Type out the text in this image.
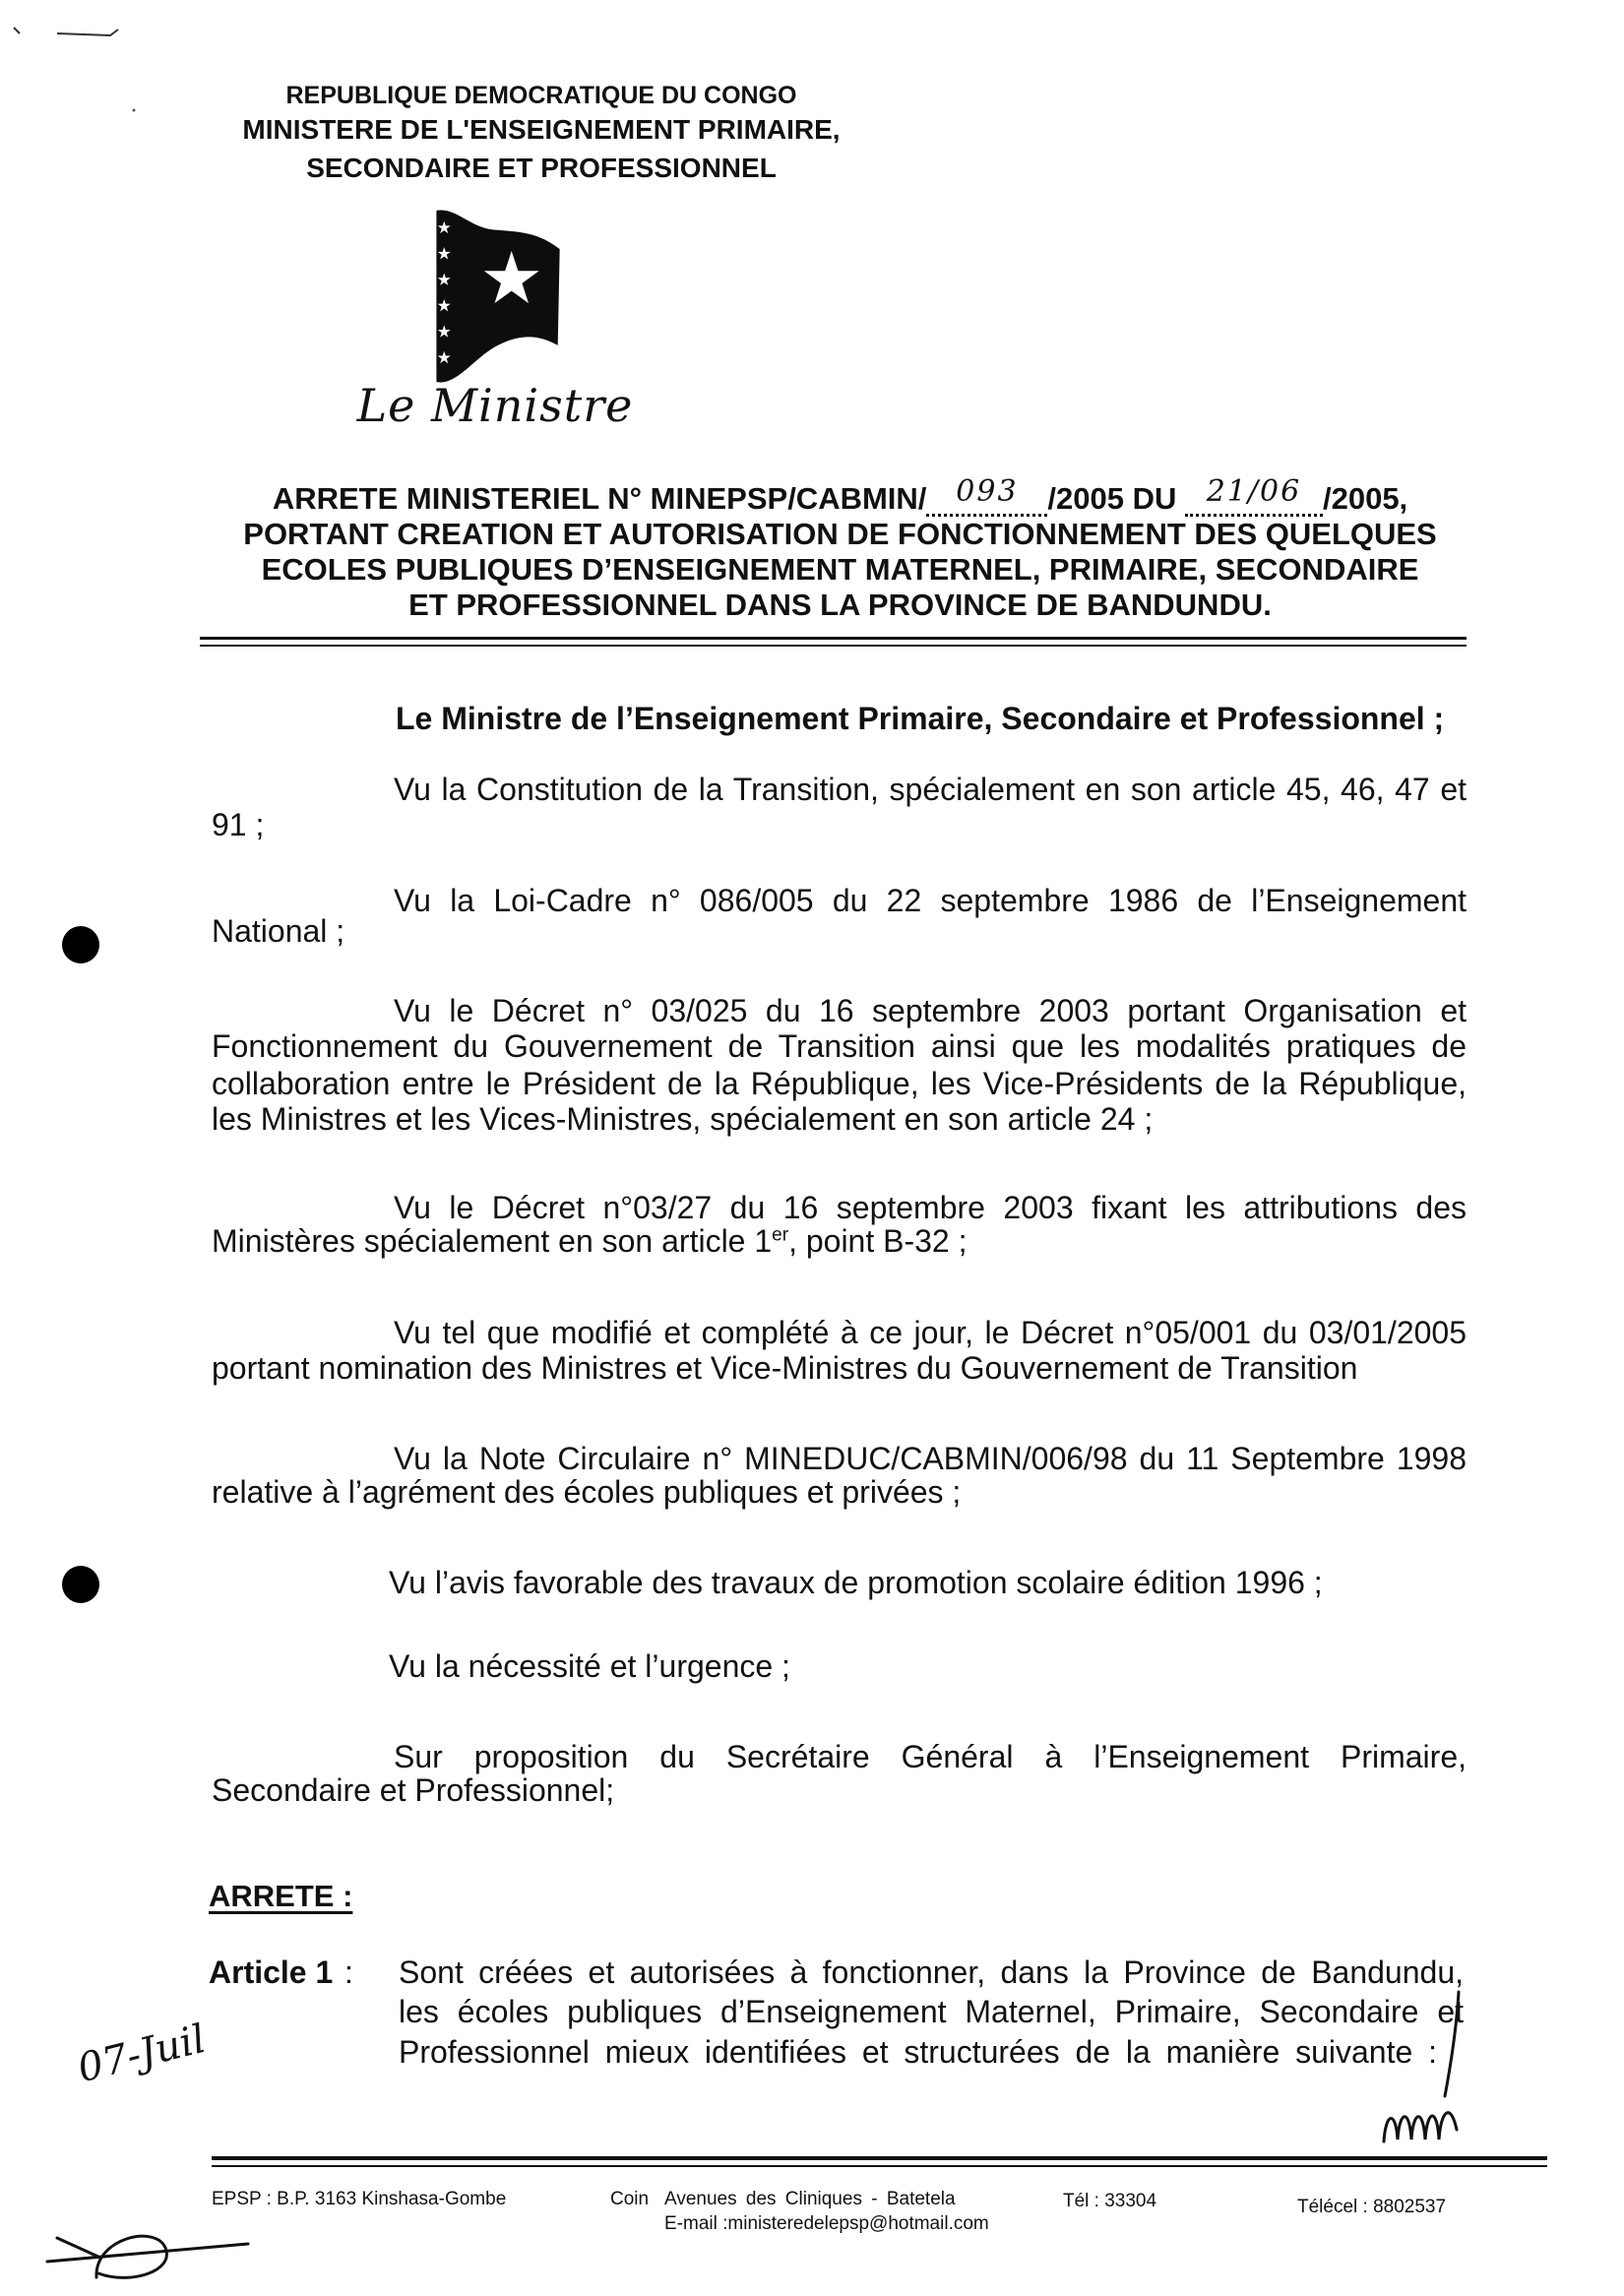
REPUBLIQUE DEMOCRATIQUE DU CONGO
MINISTERE DE L'ENSEIGNEMENT PRIMAIRE,
SECONDAIRE ET PROFESSIONNEL
Le Ministre
ARRETE MINISTERIEL N° MINEPSP/CABMIN/ 093 /2005 DU 21/06 /2005,
PORTANT CREATION ET AUTORISATION DE FONCTIONNEMENT DES QUELQUES
ECOLES PUBLIQUES D’ENSEIGNEMENT MATERNEL, PRIMAIRE, SECONDAIRE
ET PROFESSIONNEL DANS LA PROVINCE DE BANDUNDU.
Le Ministre de l’Enseignement Primaire, Secondaire et Professionnel ;
Vu la Constitution de la Transition, spécialement en son article 45, 46, 47 et
91 ;
Vu la Loi-Cadre n° 086/005 du 22 septembre 1986 de l’Enseignement
National ;
Vu le Décret n° 03/025 du 16 septembre 2003 portant Organisation et
Fonctionnement du Gouvernement de Transition ainsi que les modalités pratiques de
collaboration entre le Président de la République, les Vice-Présidents de la République,
les Ministres et les Vices-Ministres, spécialement en son article 24 ;
Vu le Décret n°03/27 du 16 septembre 2003 fixant les attributions des
Ministères spécialement en son article 1er, point B-32 ;
Vu tel que modifié et complété à ce jour, le Décret n°05/001 du 03/01/2005
portant nomination des Ministres et Vice-Ministres du Gouvernement de Transition
Vu la Note Circulaire n° MINEDUC/CABMIN/006/98 du 11 Septembre 1998
relative à l’agrément des écoles publiques et privées ;
Vu l’avis favorable des travaux de promotion scolaire édition 1996 ;
Vu la nécessité et l’urgence ;
Sur proposition du Secrétaire Général à l’Enseignement Primaire,
Secondaire et Professionnel;
ARRETE :
Article 1 : Sont créées et autorisées à fonctionner, dans la Province de Bandundu,
les écoles publiques d’Enseignement Maternel, Primaire, Secondaire et
Professionnel mieux identifiées et structurées de la manière suivante :
07-Juil
EPSP : B.P. 3163 Kinshasa-Gombe	Coin Avenues des Cliniques - Batetela
E-mail :ministeredelepsp@hotmail.com
Tél : 33304	Télécel : 8802537
